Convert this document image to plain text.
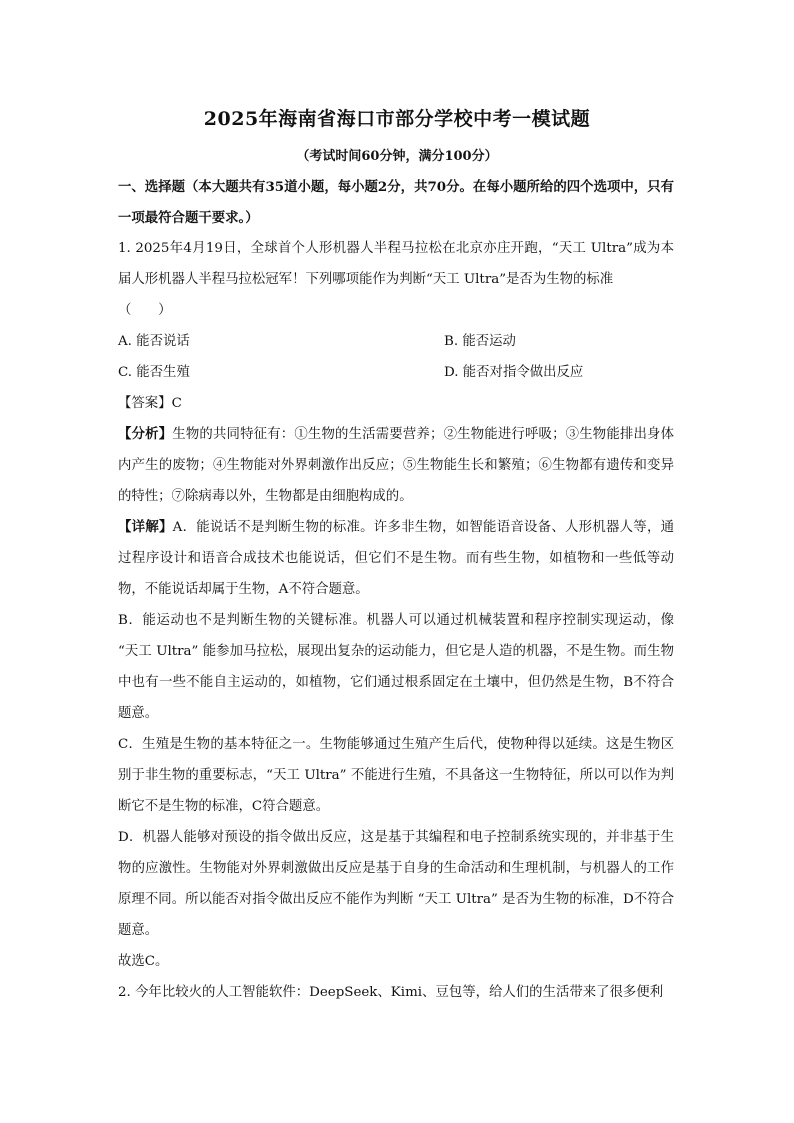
2025年海南省海口市部分学校中考一模试题
（考试时间60分钟，满分100分）
一、选择题（本大题共有35道小题，每小题2分，共70分。在每小题所给的四个选项中，只有一项最符合题干要求。）
1. 2025年4月19日，全球首个人形机器人半程马拉松在北京亦庄开跑，“天工 Ultra”成为本届人形机器人半程马拉松冠军！下列哪项能作为判断“天工 Ultra”是否为生物的标准
（　　）
A. 能否说话	B. 能否运动
C. 能否生殖	D. 能否对指令做出反应
【答案】C
【分析】生物的共同特征有：①生物的生活需要营养；②生物能进行呼吸；③生物能排出身体内产生的废物；④生物能对外界刺激作出反应；⑤生物能生长和繁殖；⑥生物都有遗传和变异的特性；⑦除病毒以外，生物都是由细胞构成的。
【详解】A．能说话不是判断生物的标准。许多非生物，如智能语音设备、人形机器人等，通过程序设计和语音合成技术也能说话，但它们不是生物。而有些生物，如植物和一些低等动物，不能说话却属于生物，A不符合题意。
B．能运动也不是判断生物的关键标准。机器人可以通过机械装置和程序控制实现运动，像 “天工 Ultra” 能参加马拉松，展现出复杂的运动能力，但它是人造的机器，不是生物。而生物中也有一些不能自主运动的，如植物，它们通过根系固定在土壤中，但仍然是生物，B不符合题意。
C．生殖是生物的基本特征之一。生物能够通过生殖产生后代，使物种得以延续。这是生物区别于非生物的重要标志，“天工 Ultra” 不能进行生殖，不具备这一生物特征，所以可以作为判断它不是生物的标准，C符合题意。
D．机器人能够对预设的指令做出反应，这是基于其编程和电子控制系统实现的，并非基于生物的应激性。生物能对外界刺激做出反应是基于自身的生命活动和生理机制，与机器人的工作原理不同。所以能否对指令做出反应不能作为判断 “天工 Ultra” 是否为生物的标准，D不符合题意。
故选C。
2. 今年比较火的人工智能软件：DeepSeek、Kimi、豆包等，给人们的生活带来了很多便利
